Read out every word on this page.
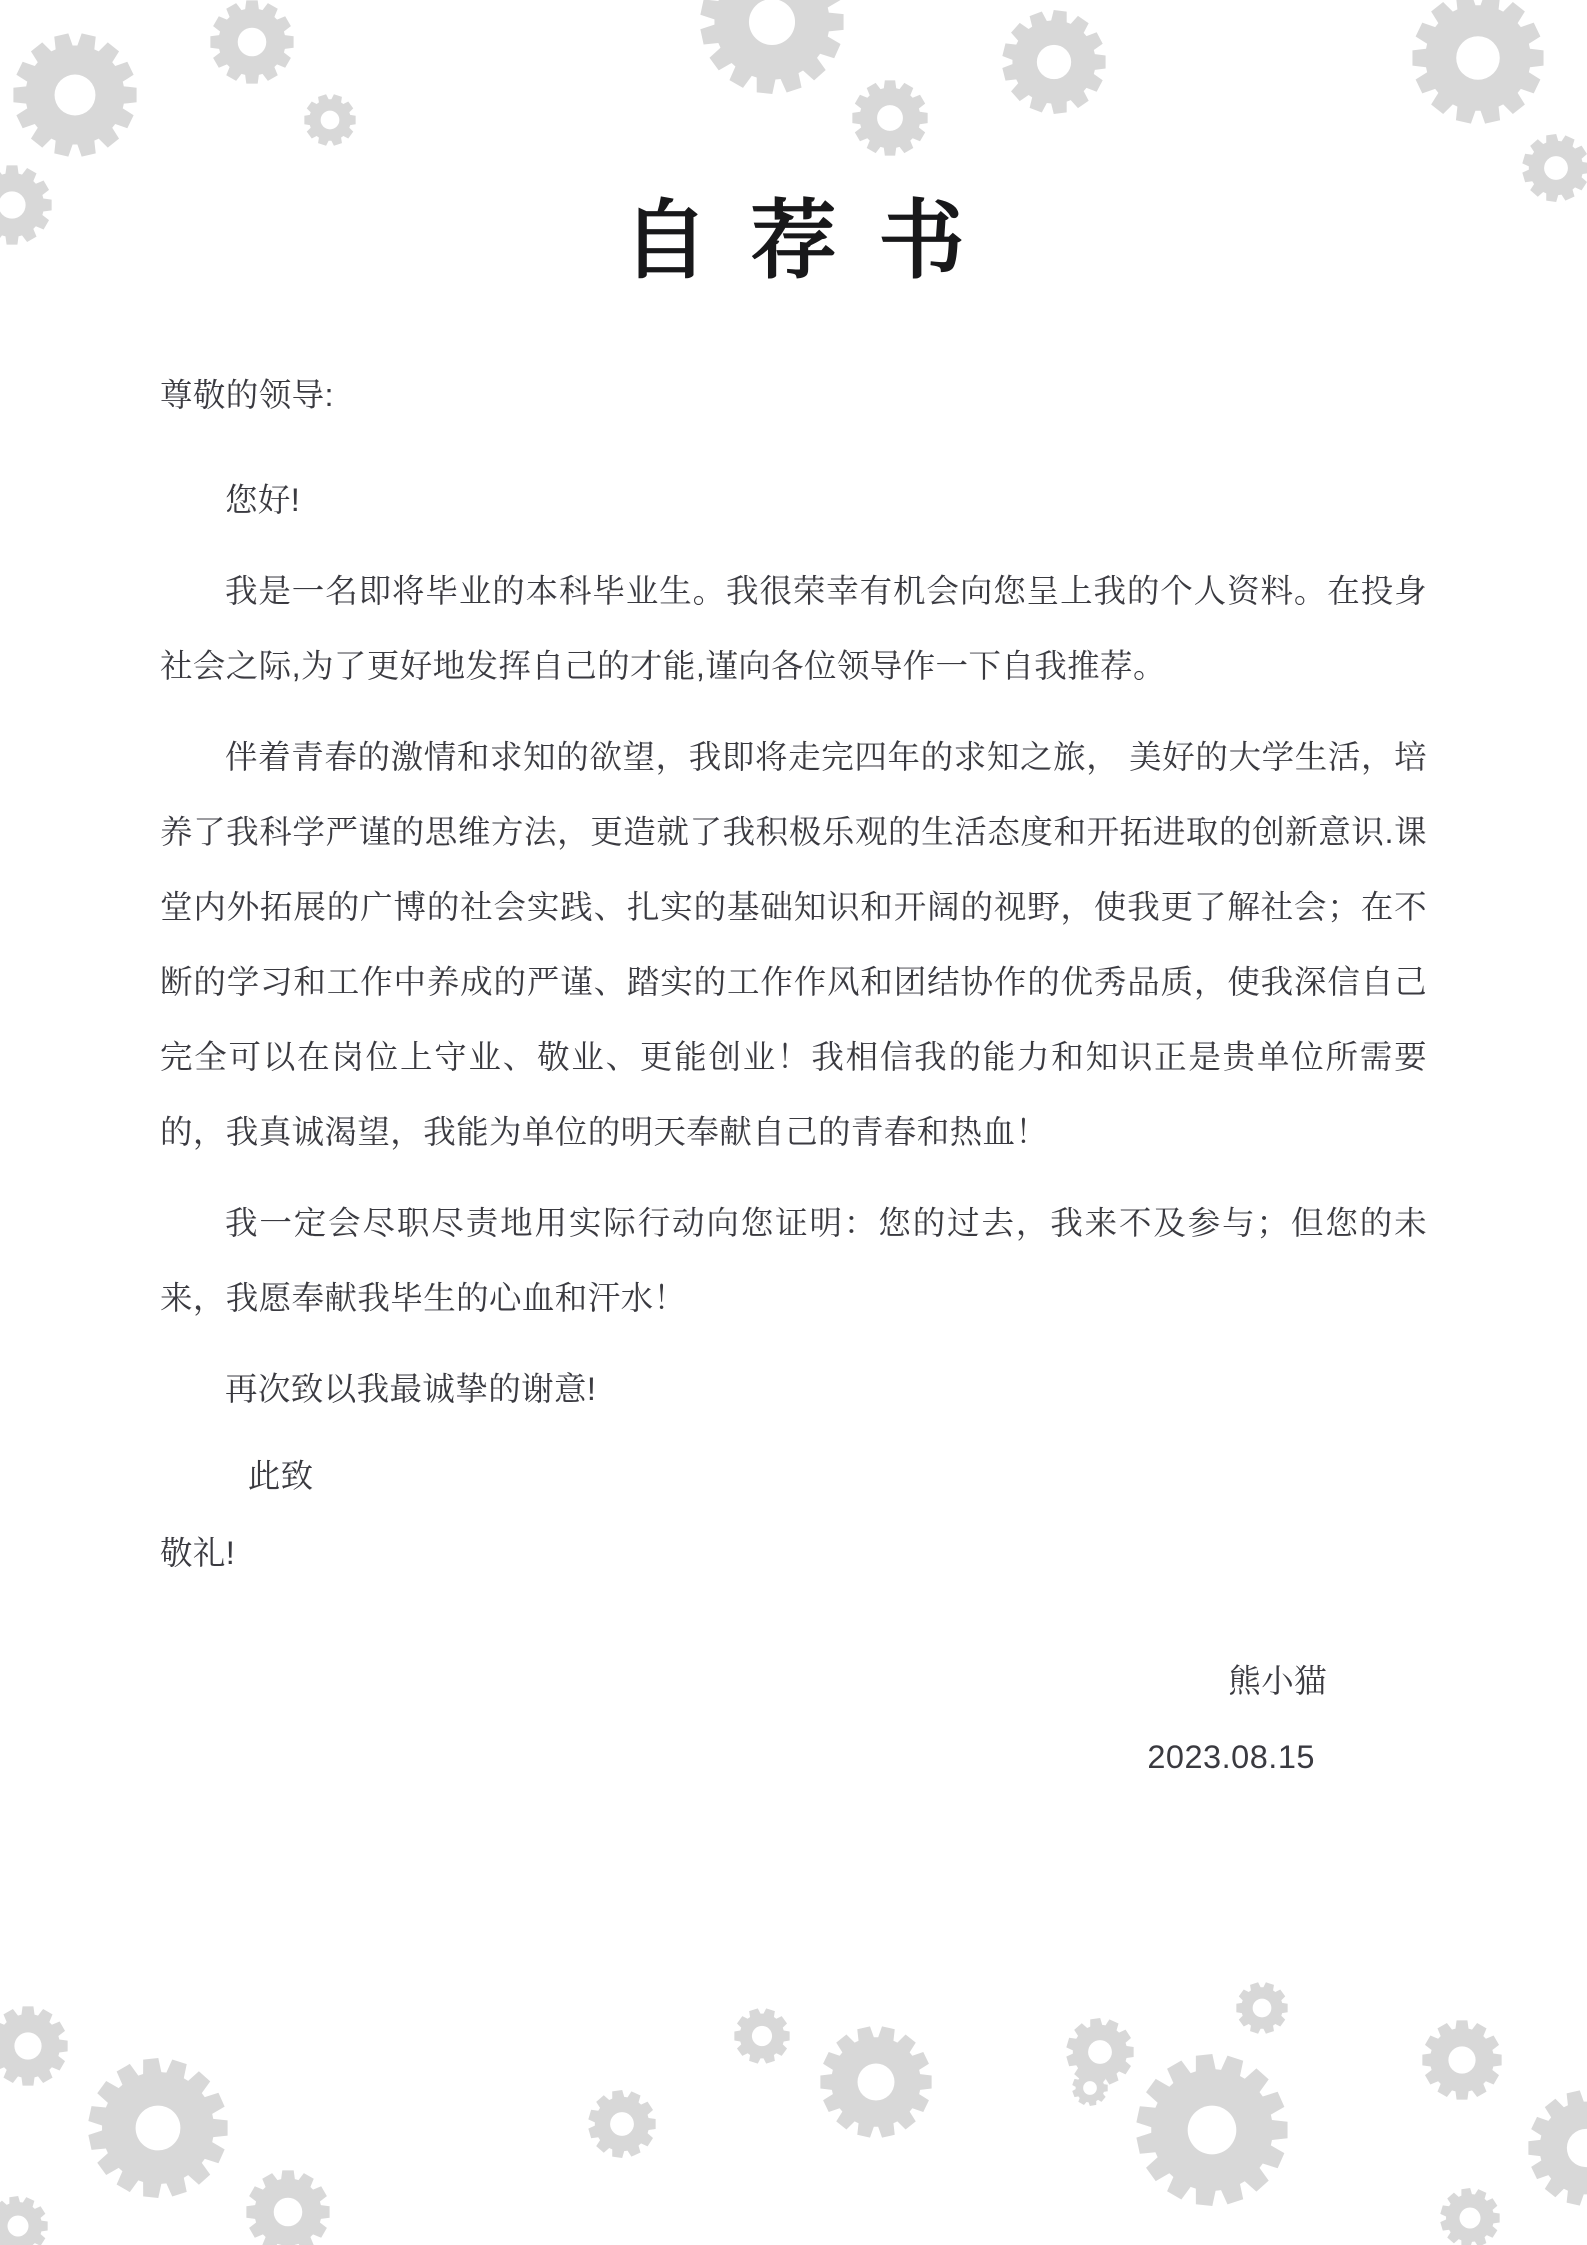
自荐书
尊敬的领导:
您好!

我是一名即将毕业的本科毕业生。我很荣幸有机会向您呈上我的个人资料。在投身社会之际,为了更好地发挥自己的才能,谨向各位领导作一下自我推荐。

伴着青春的激情和求知的欲望，我即将走完四年的求知之旅， 美好的大学生活，培养了我科学严谨的思维方法，更造就了我积极乐观的生活态度和开拓进取的创新意识.课堂内外拓展的广博的社会实践、扎实的基础知识和开阔的视野，使我更了解社会；在不断的学习和工作中养成的严谨、踏实的工作作风和团结协作的优秀品质，使我深信自己完全可以在岗位上守业、敬业、更能创业！我相信我的能力和知识正是贵单位所需要的，我真诚渴望，我能为单位的明天奉献自己的青春和热血！

我一定会尽职尽责地用实际行动向您证明：您的过去，我来不及参与；但您的未来，我愿奉献我毕生的心血和汗水！

再次致以我最诚挚的谢意!

此致
敬礼!
熊小猫
2023.08.15
